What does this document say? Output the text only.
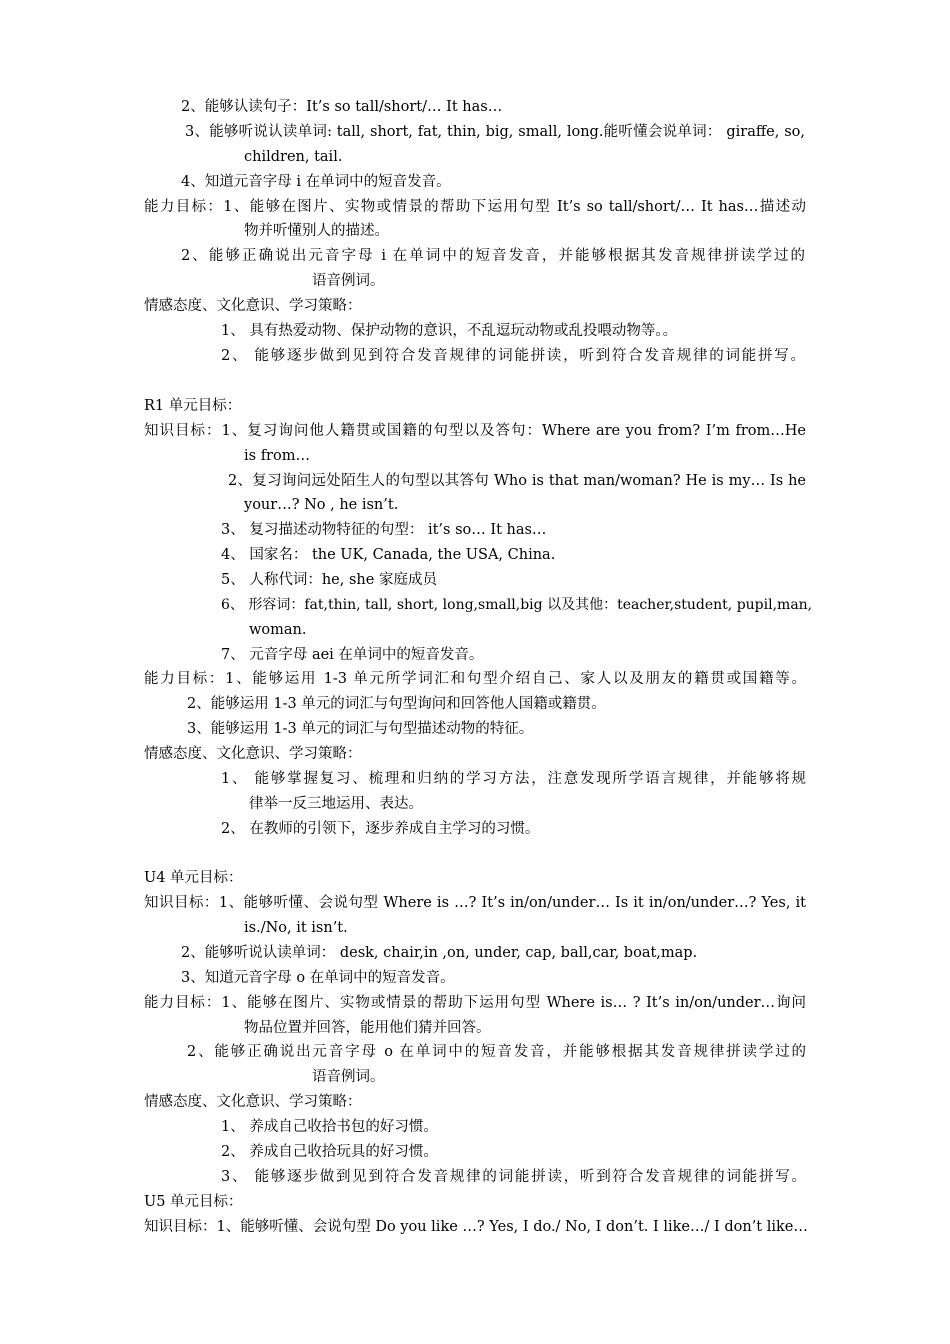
2、能够认读句子：It’s so tall/short/… It has…
3、能够听说认读单词: tall, short, fat, thin, big, small, long.能听懂会说单词： giraffe, so,
children, tail.
4、知道元音字母 i 在单词中的短音发音。
能力目标：1、能够在图片、实物或情景的帮助下运用句型 It’s so tall/short/… It has…描述动
物并听懂别人的描述。
2、能够正确说出元音字母 i 在单词中的短音发音，并能够根据其发音规律拼读学过的
语音例词。
情感态度、文化意识、学习策略：
1、 具有热爱动物、保护动物的意识，不乱逗玩动物或乱投喂动物等。。
2、 能够逐步做到见到符合发音规律的词能拼读，听到符合发音规律的词能拼写。
R1 单元目标：
知识目标：1、复习询问他人籍贯或国籍的句型以及答句：Where are you from? I’m from…He
is from…
2、复习询问远处陌生人的句型以其答句 Who is that man/woman? He is my… Is he
your…? No , he isn’t.
3、 复习描述动物特征的句型： it’s so… It has…
4、 国家名： the UK, Canada, the USA, China.
5、 人称代词：he, she 家庭成员
6、 形容词：fat,thin, tall, short, long,small,big 以及其他：teacher,student, pupil,man,
woman.
7、 元音字母 aei 在单词中的短音发音。
能力目标：1、能够运用 1-3 单元所学词汇和句型介绍自己、家人以及朋友的籍贯或国籍等。
2、能够运用 1-3 单元的词汇与句型询问和回答他人国籍或籍贯。
3、能够运用 1-3 单元的词汇与句型描述动物的特征。
情感态度、文化意识、学习策略：
1、 能够掌握复习、梳理和归纳的学习方法，注意发现所学语言规律，并能够将规
律举一反三地运用、表达。
2、 在教师的引领下，逐步养成自主学习的习惯。
U4 单元目标：
知识目标：1、能够听懂、会说句型 Where is …? It’s in/on/under… Is it in/on/under…? Yes, it
is./No, it isn’t.
2、能够听说认读单词： desk, chair,in ,on, under, cap, ball,car, boat,map.
3、知道元音字母 o 在单词中的短音发音。
能力目标：1、能够在图片、实物或情景的帮助下运用句型 Where is… ? It’s in/on/under…询问
物品位置并回答，能用他们猜并回答。
2、能够正确说出元音字母 o 在单词中的短音发音，并能够根据其发音规律拼读学过的
语音例词。
情感态度、文化意识、学习策略：
1、 养成自己收拾书包的好习惯。
2、 养成自己收拾玩具的好习惯。
3、 能够逐步做到见到符合发音规律的词能拼读，听到符合发音规律的词能拼写。
U5 单元目标：
知识目标：1、能够听懂、会说句型 Do you like …? Yes, I do./ No, I don’t. I like…/ I don’t like…
